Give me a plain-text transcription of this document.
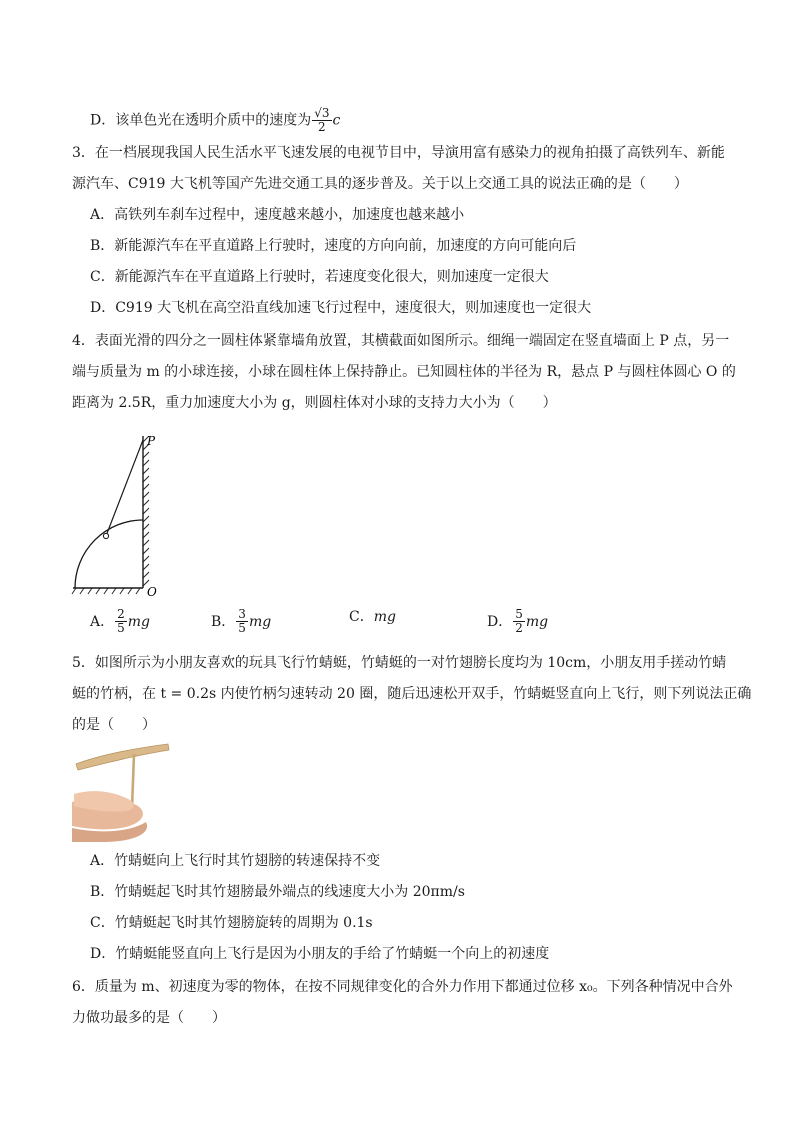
D．该单色光在透明介质中的速度为 $\frac{√3}{2}$ c
3．在一档展现我国人民生活水平飞速发展的电视节目中，导演用富有感染力的视角拍摄了高铁列车、新能
源汽车、C919 大飞机等国产先进交通工具的逐步普及。关于以上交通工具的说法正确的是（　　）
A．高铁列车刹车过程中，速度越来越小，加速度也越来越小
B．新能源汽车在平直道路上行驶时，速度的方向向前，加速度的方向可能向后
C．新能源汽车在平直道路上行驶时，若速度变化很大，则加速度一定很大
D．C919 大飞机在高空沿直线加速飞行过程中，速度很大，则加速度也一定很大
4．表面光滑的四分之一圆柱体紧靠墙角放置，其横截面如图所示。细绳一端固定在竖直墙面上 P 点，另一
端与质量为 m 的小球连接，小球在圆柱体上保持静止。已知圆柱体的半径为 R，悬点 P 与圆柱体圆心 O 的
距离为 2.5R，重力加速度大小为 g，则圆柱体对小球的支持力大小为（　　）
P
O
A． $\frac{2}{5}$ mg	B． $\frac{3}{5}$ mg	C． mg	D． $\frac{5}{2}$ mg
5．如图所示为小朋友喜欢的玩具飞行竹蜻蜓，竹蜻蜓的一对竹翅膀长度均为 10cm，小朋友用手搓动竹蜻
蜓的竹柄，在 t = 0.2s 内使竹柄匀速转动 20 圈，随后迅速松开双手，竹蜻蜓竖直向上飞行，则下列说法正确
的是（　　）
A．竹蜻蜓向上飞行时其竹翅膀的转速保持不变
B．竹蜻蜓起飞时其竹翅膀最外端点的线速度大小为 20πm/s
C．竹蜻蜓起飞时其竹翅膀旋转的周期为 0.1s
D．竹蜻蜓能竖直向上飞行是因为小朋友的手给了竹蜻蜓一个向上的初速度
6．质量为 m、初速度为零的物体，在按不同规律变化的合外力作用下都通过位移 x₀。下列各种情况中合外
力做功最多的是（　　）
